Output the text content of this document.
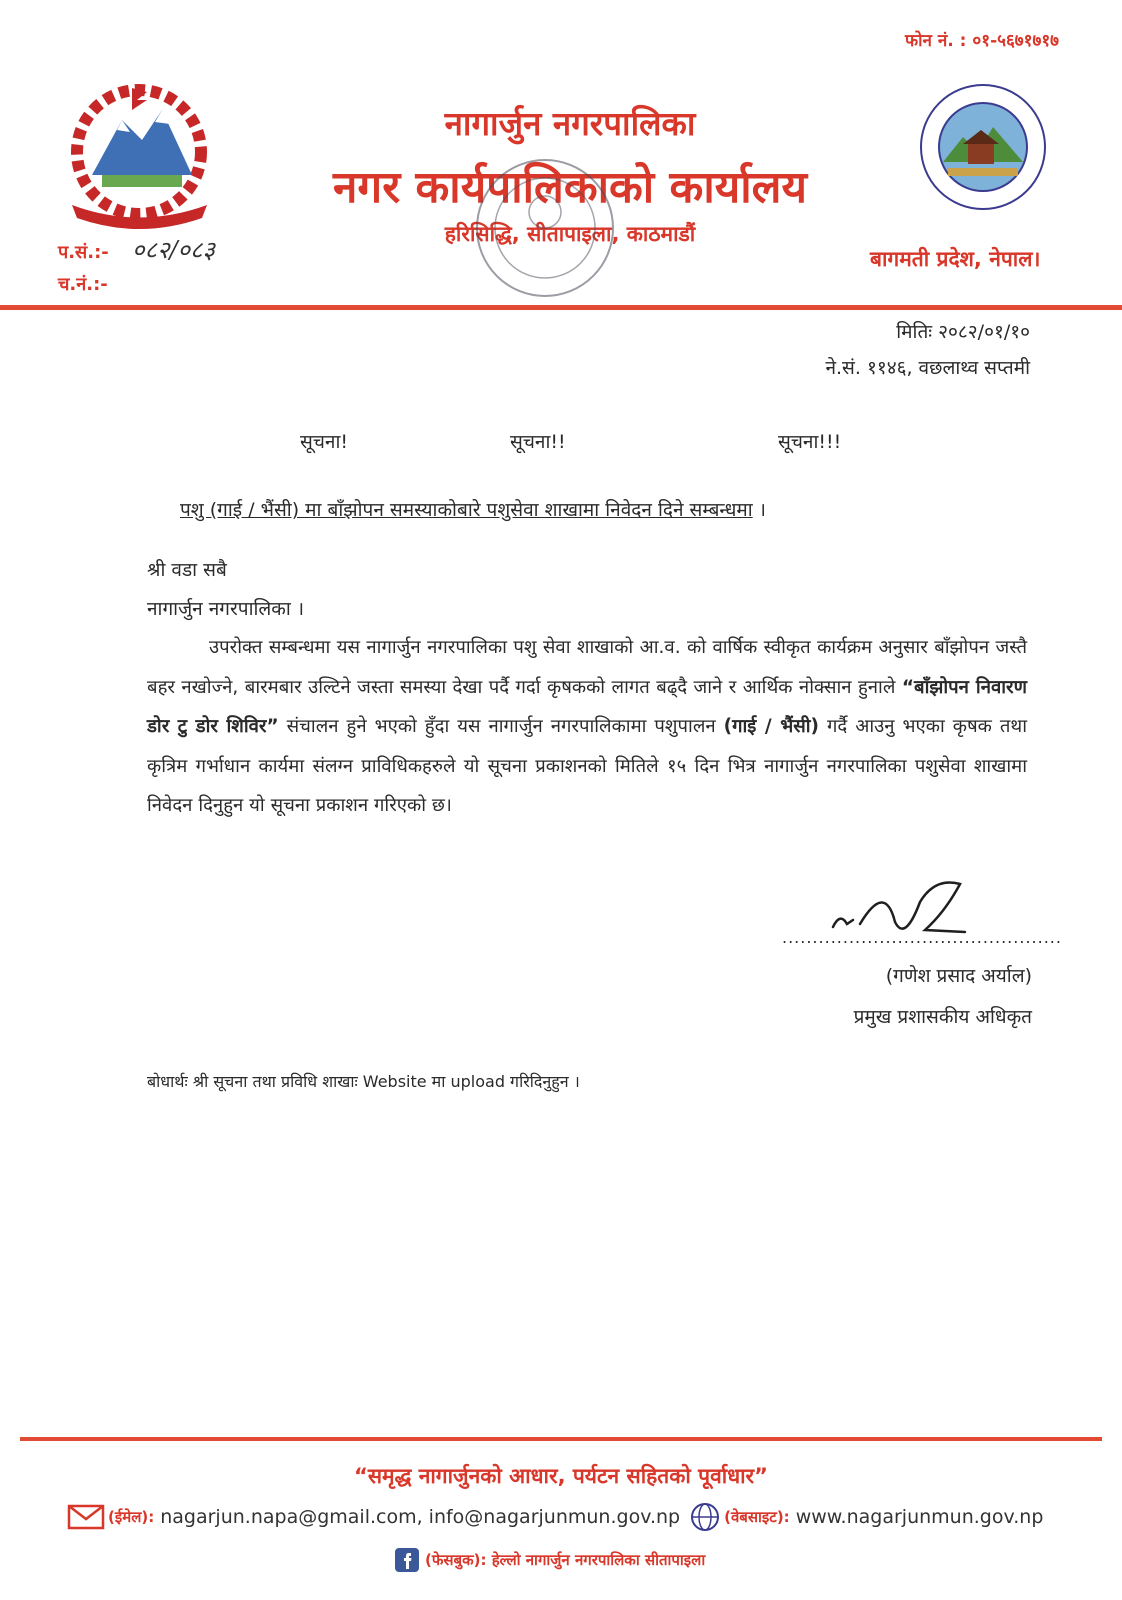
फोन नं. : ०१-५६७१७१७
नागार्जुन नगरपालिका
नगर कार्यपालिकाको कार्यालय
हरिसिद्धि, सीतापाइला, काठमाडौं
बागमती प्रदेश, नेपाल।
प.सं.:- ०८२/०८३
च.नं.:-
मितिः २०८२/०१/१०
ने.सं. ११४६, वछलाथ्व सप्तमी
सूचना!	सूचना!!	सूचना!!!
पशु (गाई / भैंसी) मा बाँझोपन समस्याकोबारे पशुसेवा शाखामा निवेदन दिने सम्बन्धमा ।
श्री वडा सबै
नागार्जुन नगरपालिका ।
उपरोक्त सम्बन्धमा यस नागार्जुन नगरपालिका पशु सेवा शाखाको आ.व. को वार्षिक स्वीकृत कार्यक्रम अनुसार बाँझोपन जस्तै बहर नखोज्ने, बारमबार उल्टिने जस्ता समस्या देखा पर्दै गर्दा कृषकको लागत बढ्दै जाने र आर्थिक नोक्सान हुनाले “बाँझोपन निवारण डोर टु डोर शिविर” संचालन हुने भएको हुँदा यस नागार्जुन नगरपालिकामा पशुपालन (गाई / भैंसी) गर्दै आउनु भएका कृषक तथा कृत्रिम गर्भाधान कार्यमा संलग्न प्राविधिकहरुले यो सूचना प्रकाशनको मितिले १५ दिन भित्र नागार्जुन नगरपालिका पशुसेवा शाखामा निवेदन दिनुहुन यो सूचना प्रकाशन गरिएको छ।
..............................................
(गणेश प्रसाद अर्याल)
प्रमुख प्रशासकीय अधिकृत
बोधार्थः श्री सूचना तथा प्रविधि शाखाः Website मा upload गरिदिनुहुन ।
“समृद्ध नागार्जुनको आधार, पर्यटन सहितको पूर्वाधार”
(ईमेल): nagarjun.napa@gmail.com, info@nagarjunmun.gov.np	(वेबसाइट): www.nagarjunmun.gov.np
(फेसबुक): हेल्लो नागार्जुन नगरपालिका सीतापाइला
